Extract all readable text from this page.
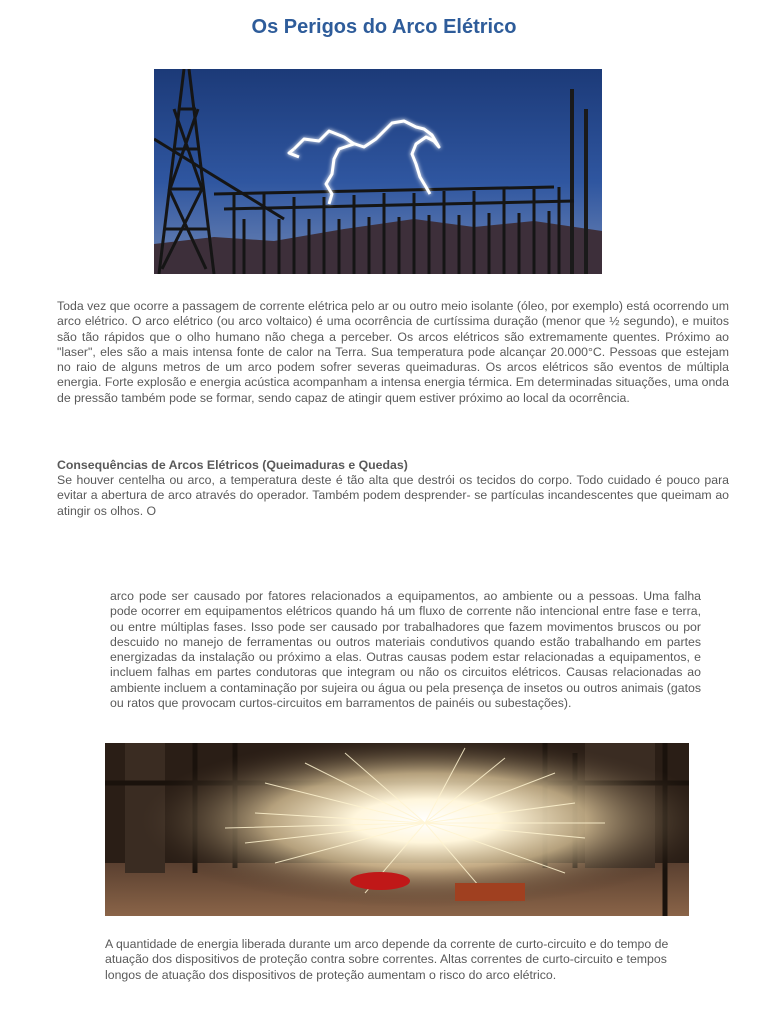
Os Perigos do Arco Elétrico

Toda vez que ocorre a passagem de corrente elétrica pelo ar ou outro meio isolante (óleo, por exemplo) está ocorrendo um arco elétrico. O arco elétrico (ou arco voltaico) é uma ocorrência de curtíssima duração (menor que ½ segundo), e muitos são tão rápidos que o olho humano não chega a perceber. Os arcos elétricos são extremamente quentes. Próximo ao "laser", eles são a mais intensa fonte de calor na Terra. Sua temperatura pode alcançar 20.000°C. Pessoas que estejam no raio de alguns metros de um arco podem sofrer severas queimaduras. Os arcos elétricos são eventos de múltipla energia. Forte explosão e energia acústica acompanham a intensa energia térmica. Em determinadas situações, uma onda de pressão também pode se formar, sendo capaz de atingir quem estiver próximo ao local da ocorrência.

Consequências de Arcos Elétricos (Queimaduras e Quedas)

Se houver centelha ou arco, a temperatura deste é tão alta que destrói os tecidos do corpo. Todo cuidado é pouco para evitar a abertura de arco através do operador. Também podem desprender- se partículas incandescentes que queimam ao atingir os olhos. O

arco pode ser causado por fatores relacionados a equipamentos, ao ambiente ou a pessoas. Uma falha pode ocorrer em equipamentos elétricos quando há um fluxo de corrente não intencional entre fase e terra, ou entre múltiplas fases. Isso pode ser causado por trabalhadores que fazem movimentos bruscos ou por descuido no manejo de ferramentas ou outros materiais condutivos quando estão trabalhando em partes energizadas da instalação ou próximo a elas. Outras causas podem estar relacionadas a equipamentos, e incluem falhas em partes condutoras que integram ou não os circuitos elétricos. Causas relacionadas ao ambiente incluem a contaminação por sujeira ou água ou pela presença de insetos ou outros animais (gatos ou ratos que provocam curtos-circuitos em barramentos de painéis ou subestações).

A quantidade de energia liberada durante um arco depende da corrente de curto-circuito e do tempo de atuação dos dispositivos de proteção contra sobre correntes. Altas correntes de curto-circuito e tempos longos de atuação dos dispositivos de proteção aumentam o risco do arco elétrico.
